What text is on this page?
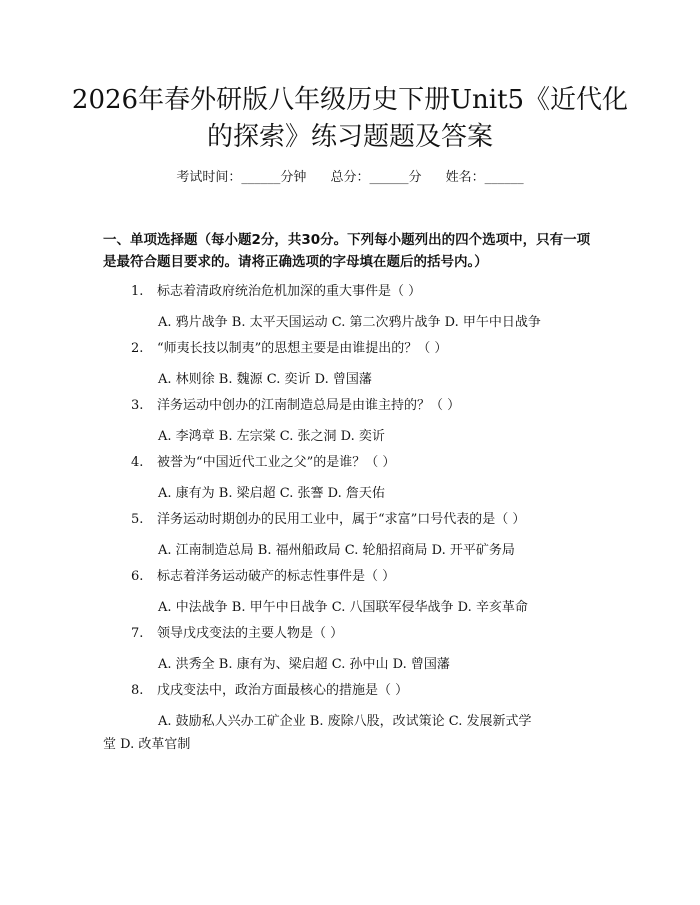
2026年春外研版八年级历史下册Unit5《近代化的探索》练习题题及答案
考试时间：______分钟 总分：______分 姓名：______
一、单项选择题（每小题2分，共30分。下列每小题列出的四个选项中，只有一项是最符合题目要求的。请将正确选项的字母填在题后的括号内。）
1. 标志着清政府统治危机加深的重大事件是（ ）
A. 鸦片战争 B. 太平天国运动 C. 第二次鸦片战争 D. 甲午中日战争
2. “师夷长技以制夷”的思想主要是由谁提出的？（ ）
A. 林则徐 B. 魏源 C. 奕䜣 D. 曾国藩
3. 洋务运动中创办的江南制造总局是由谁主持的？（ ）
A. 李鸿章 B. 左宗棠 C. 张之洞 D. 奕䜣
4. 被誉为“中国近代工业之父”的是谁？（ ）
A. 康有为 B. 梁启超 C. 张謇 D. 詹天佑
5. 洋务运动时期创办的民用工业中，属于“求富”口号代表的是（ ）
A. 江南制造总局 B. 福州船政局 C. 轮船招商局 D. 开平矿务局
6. 标志着洋务运动破产的标志性事件是（ ）
A. 中法战争 B. 甲午中日战争 C. 八国联军侵华战争 D. 辛亥革命
7. 领导戊戌变法的主要人物是（ ）
A. 洪秀全 B. 康有为、梁启超 C. 孙中山 D. 曾国藩
8. 戊戌变法中，政治方面最核心的措施是（ ）
A. 鼓励私人兴办工矿企业 B. 废除八股，改试策论 C. 发展新式学堂 D. 改革官制
